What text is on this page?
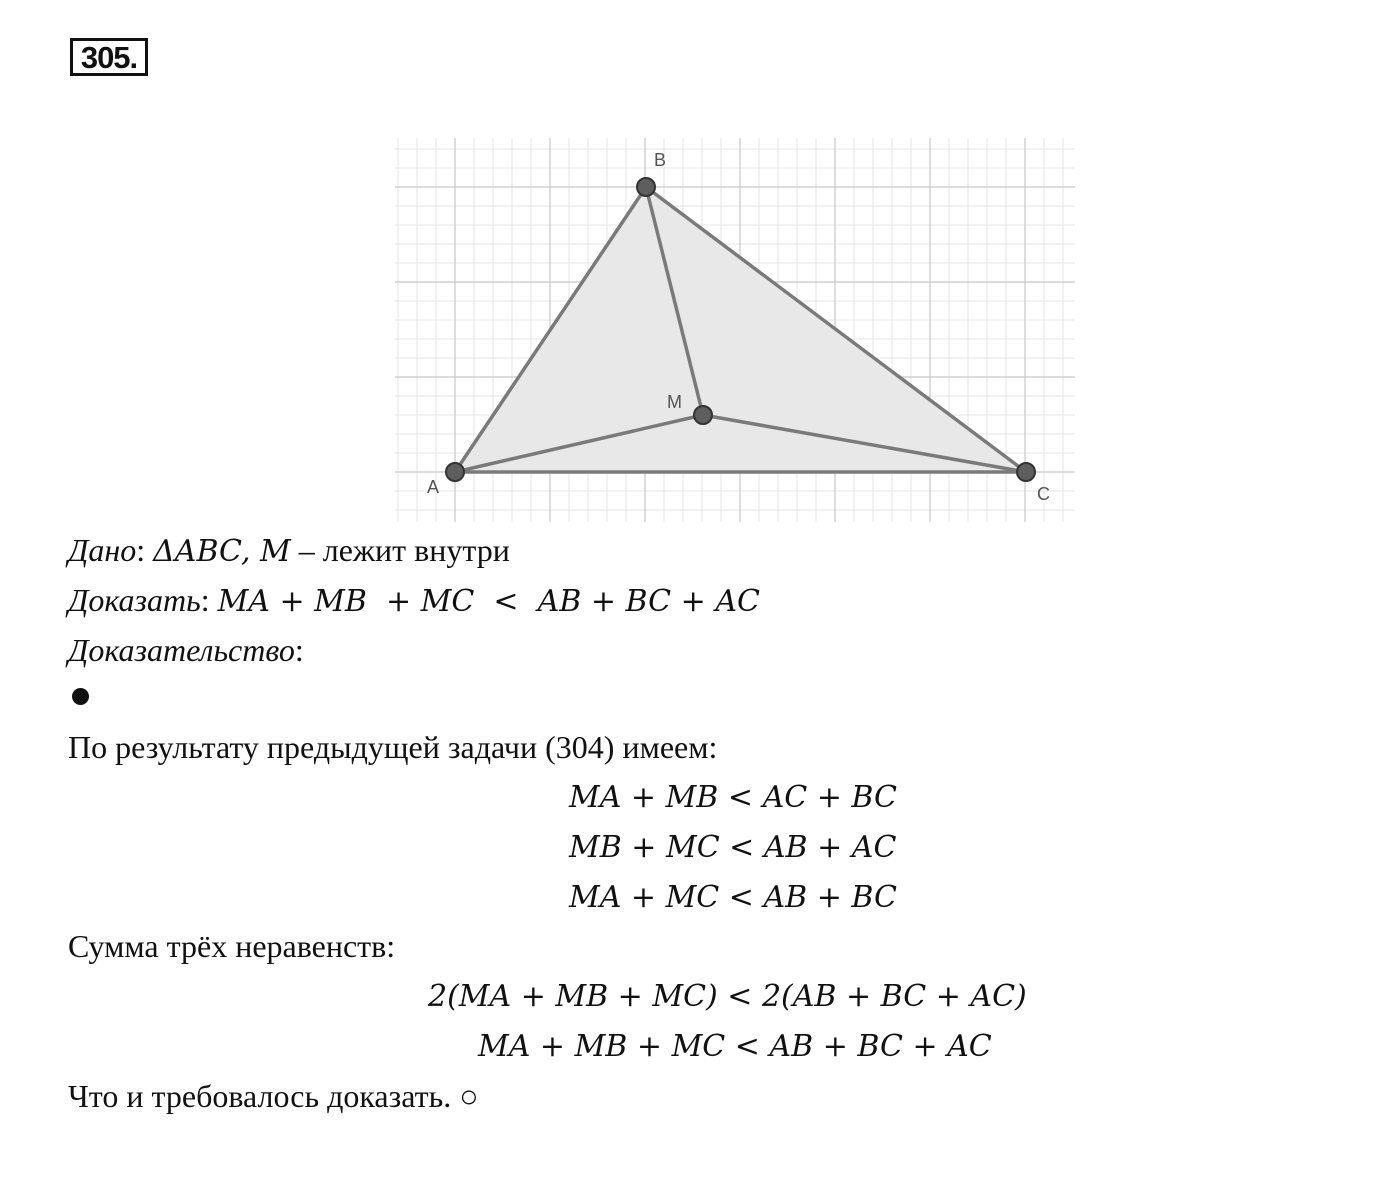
305.
A
B
C
M
Дано: ΔABC, M – лежит внутри
Доказать: MA + MB  + MC  <  AB + BC + AC
Доказательство:
По результату предыдущей задачи (304) имеем:
MA + MB < AC + BC
MB + MC < AB + AC
MA + MC < AB + BC
Сумма трёх неравенств:
2(MA + MB + MC) < 2(AB + BC + AC)
MA + MB + MC < AB + BC + AC
Что и требовалось доказать. ○
